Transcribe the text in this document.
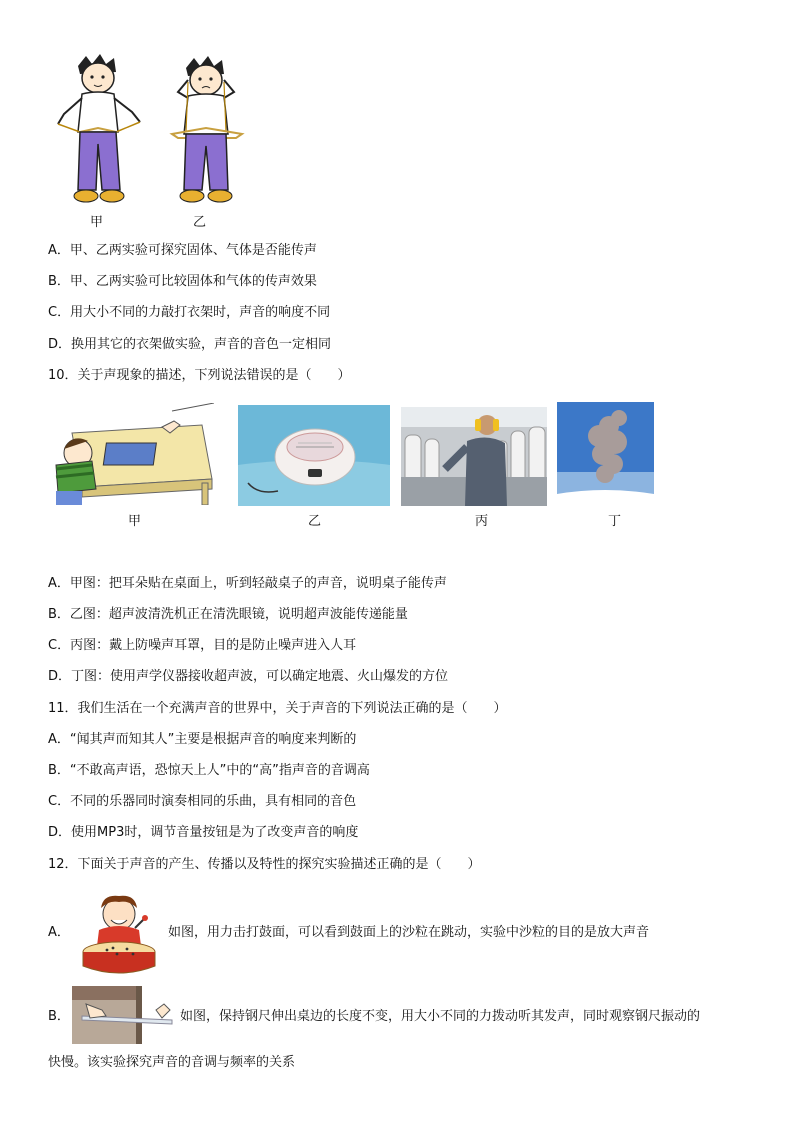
甲	乙
A．甲、乙两实验可探究固体、气体是否能传声
B．甲、乙两实验可比较固体和气体的传声效果
C．用大小不同的力敲打衣架时，声音的响度不同
D．换用其它的衣架做实验，声音的音色一定相同
10．关于声现象的描述，下列说法错误的是（　　）
甲	乙	丙	丁
A．甲图：把耳朵贴在桌面上，听到轻敲桌子的声音，说明桌子能传声
B．乙图：超声波清洗机正在清洗眼镜，说明超声波能传递能量
C．丙图：戴上防噪声耳罩，目的是防止噪声进入人耳
D．丁图：使用声学仪器接收超声波，可以确定地震、火山爆发的方位
11．我们生活在一个充满声音的世界中，关于声音的下列说法正确的是（　　）
A．“闻其声而知其人”主要是根据声音的响度来判断的
B．“不敢高声语，恐惊天上人”中的“高”指声音的音调高
C．不同的乐器同时演奏相同的乐曲，具有相同的音色
D．使用MP3时，调节音量按钮是为了改变声音的响度
12．下面关于声音的产生、传播以及特性的探究实验描述正确的是（　　）
A．	如图，用力击打鼓面，可以看到鼓面上的沙粒在跳动，实验中沙粒的目的是放大声音
B．	如图，保持钢尺伸出桌边的长度不变，用大小不同的力拨动听其发声，同时观察钢尺振动的
快慢。该实验探究声音的音调与频率的关系
